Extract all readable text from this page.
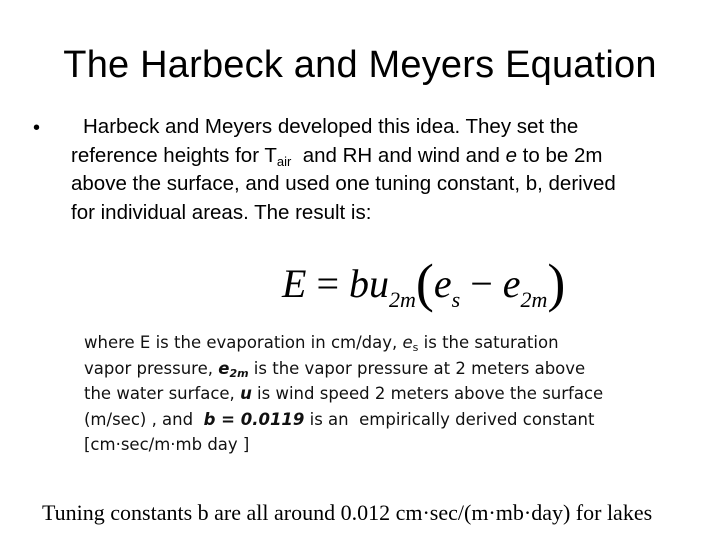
The Harbeck and Meyers Equation
•	Harbeck and Meyers developed this idea. They set the
reference heights for $T_{air}$  and RH and wind and e to be 2m
above the surface, and used one tuning constant, b, derived
for individual areas. The result is:
$E = bu_{2m}(e_s - e_{2m})$
where E is the evaporation in cm/day, $e_s$ is the saturation
vapor pressure, $e_{2m}$ is the vapor pressure at 2 meters above
the water surface, u is wind speed 2 meters above the surface
(m/sec) , and  b = 0.0119 is an  empirically derived constant
[cm·sec/m·mb day ]
Tuning constants b are all around 0.012 cm·sec/(m·mb·day) for lakes
